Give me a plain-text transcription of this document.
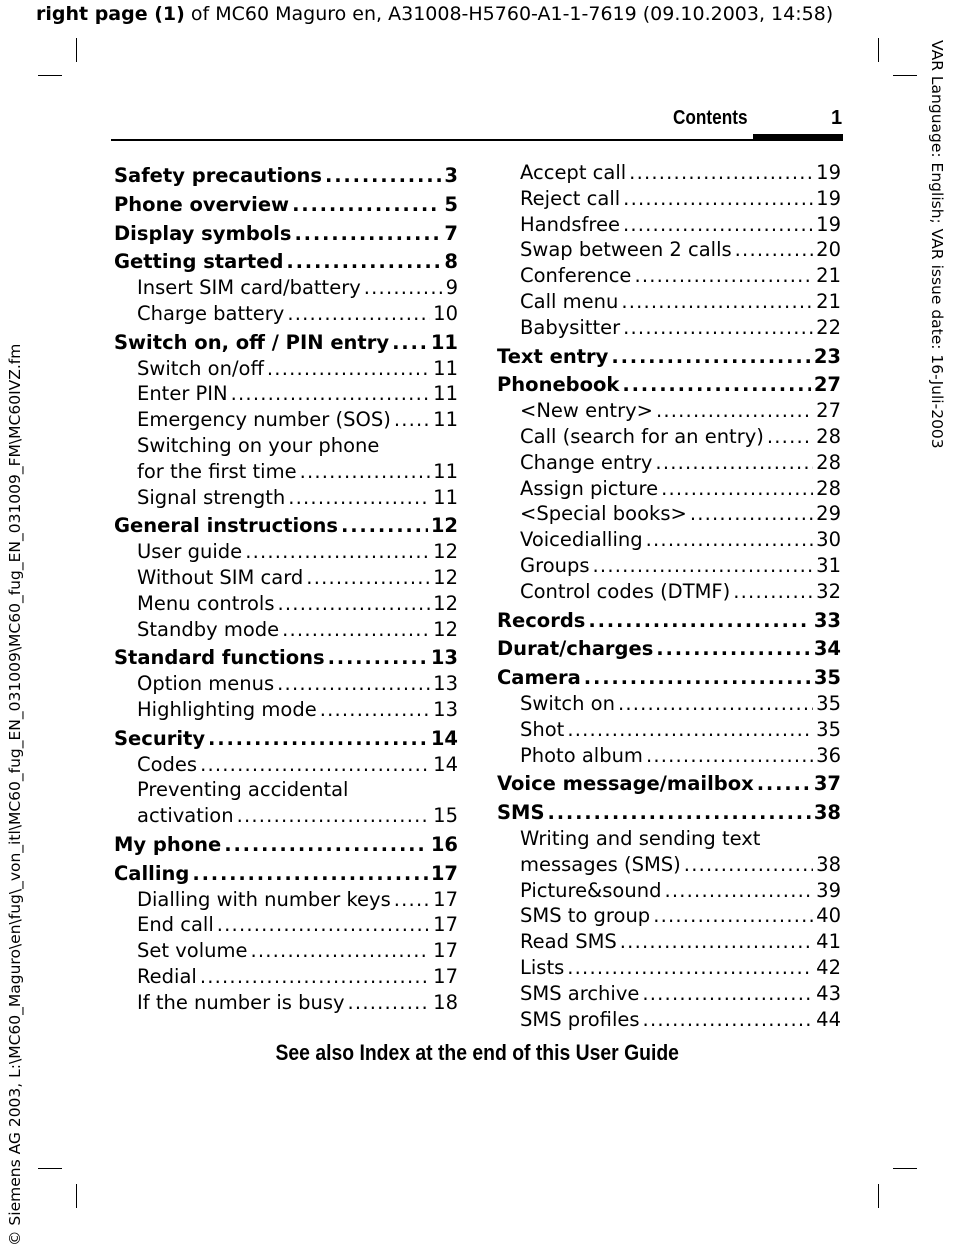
right page (1) of MC60 Maguro en, A31008-H5760-A1-1-7619 (09.10.2003, 14:58)
VAR Language: English; VAR issue date: 16-Juli-2003
© Siemens AG 2003, L:\MC60_Maguro\en\fug\_von_itl\MC60_fug_EN_031009\MC60_fug_EN_031009_FM\MC60IVZ.fm
Contents	1
Safety precautions . . .	3
Phone overview . . .	5
Display symbols . . .	7
Getting started . . .	8
Insert SIM card/battery . . .	9
Charge battery . . .	10
Switch on, off / PIN entry . . . 11
Switch on/off . . .	11
Enter PIN . . .	11
Emergency number (SOS) . . . 11
Switching on your phone
for the first time . . .	11
Signal strength . . .	11
General instructions . . .	12
User guide . . .	12
Without SIM card . . .	12
Menu controls . . .	12
Standby mode . . .	12
Standard functions . . .	13
Option menus . . .	13
Highlighting mode . . .	13
Security . . .	14
Codes . . .	14
Preventing accidental
activation . . .	15
My phone . . .	16
Calling . . .	17
Dialling with number keys . . . 17
End call . . .	17
Set volume . . .	17
Redial . . .	17
If the number is busy . . .	18
Accept call . . .	19
Reject call . . .	19
Handsfree . . .	19
Swap between 2 calls . . .	20
Conference . . .	21
Call menu . . .	21
Babysitter . . .	22
Text entry . . .	23
Phonebook . . .	27
<New entry> . . .	27
Call (search for an entry) . . .	28
Change entry . . .	28
Assign picture . . .	28
<Special books> . . .	29
Voicedialling . . .	30
Groups . . .	31
Control codes (DTMF) . . .	32
Records . . .	33
Durat/charges . . .	34
Camera . . .	35
Switch on . . .	35
Shot . . .	35
Photo album . . .	36
Voice message/mailbox . . .	37
SMS . . .	38
Writing and sending text
messages (SMS) . . .	38
Picture&sound . . .	39
SMS to group . . .	40
Read SMS . . .	41
Lists . . .	42
SMS archive . . .	43
SMS profiles . . .	44
See also Index at the end of this User Guide
